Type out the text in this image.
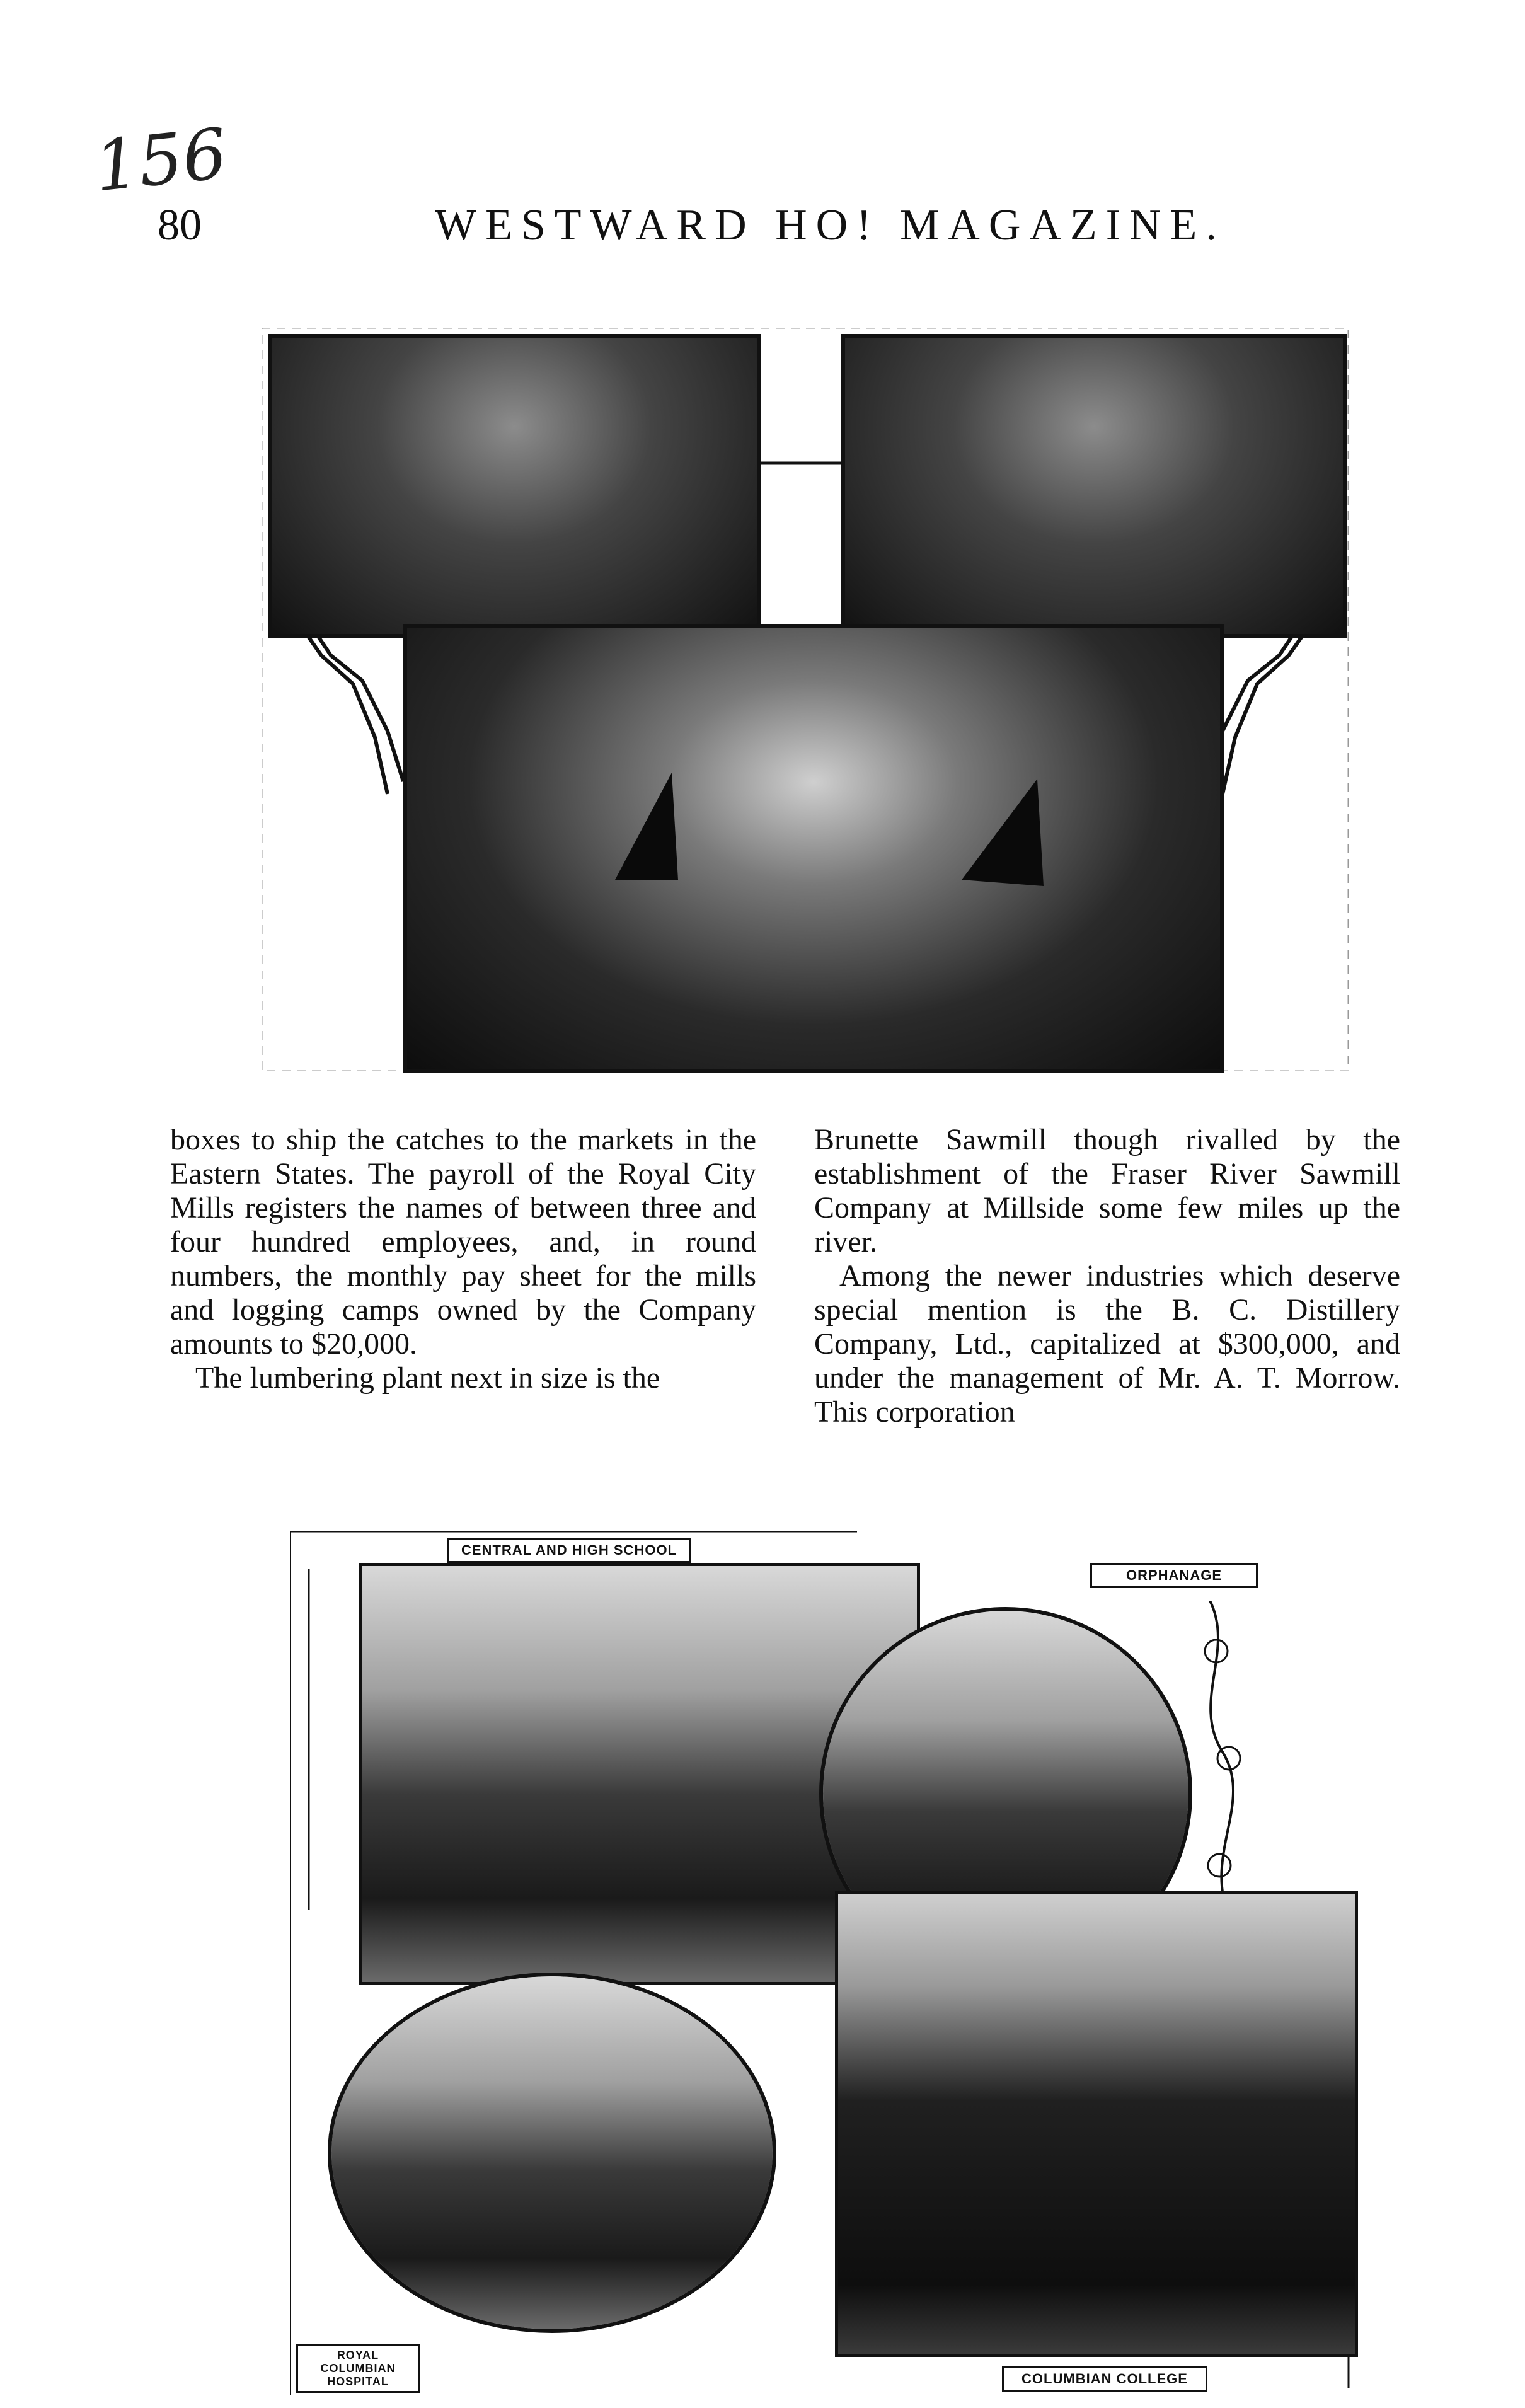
156
80	WESTWARD HO! MAGAZINE.

boxes to ship the catches to the markets in the Eastern States. The payroll of the Royal City Mills registers the names of between three and four hundred employees, and, in round numbers, the monthly pay sheet for the mills and logging camps owned by the Company amounts to $20,000.

The lumbering plant next in size is the

Brunette Sawmill though rivalled by the establishment of the Fraser River Sawmill Company at Millside some few miles up the river.

Among the newer industries which deserve special mention is the B. C. Distillery Company, Ltd., capitalized at $300,000, and under the management of Mr. A. T. Morrow. This corporation

CENTRAL AND HIGH SCHOOL
ORPHANAGE
ROYAL COLUMBIAN HOSPITAL	COLUMBIAN COLLEGE
